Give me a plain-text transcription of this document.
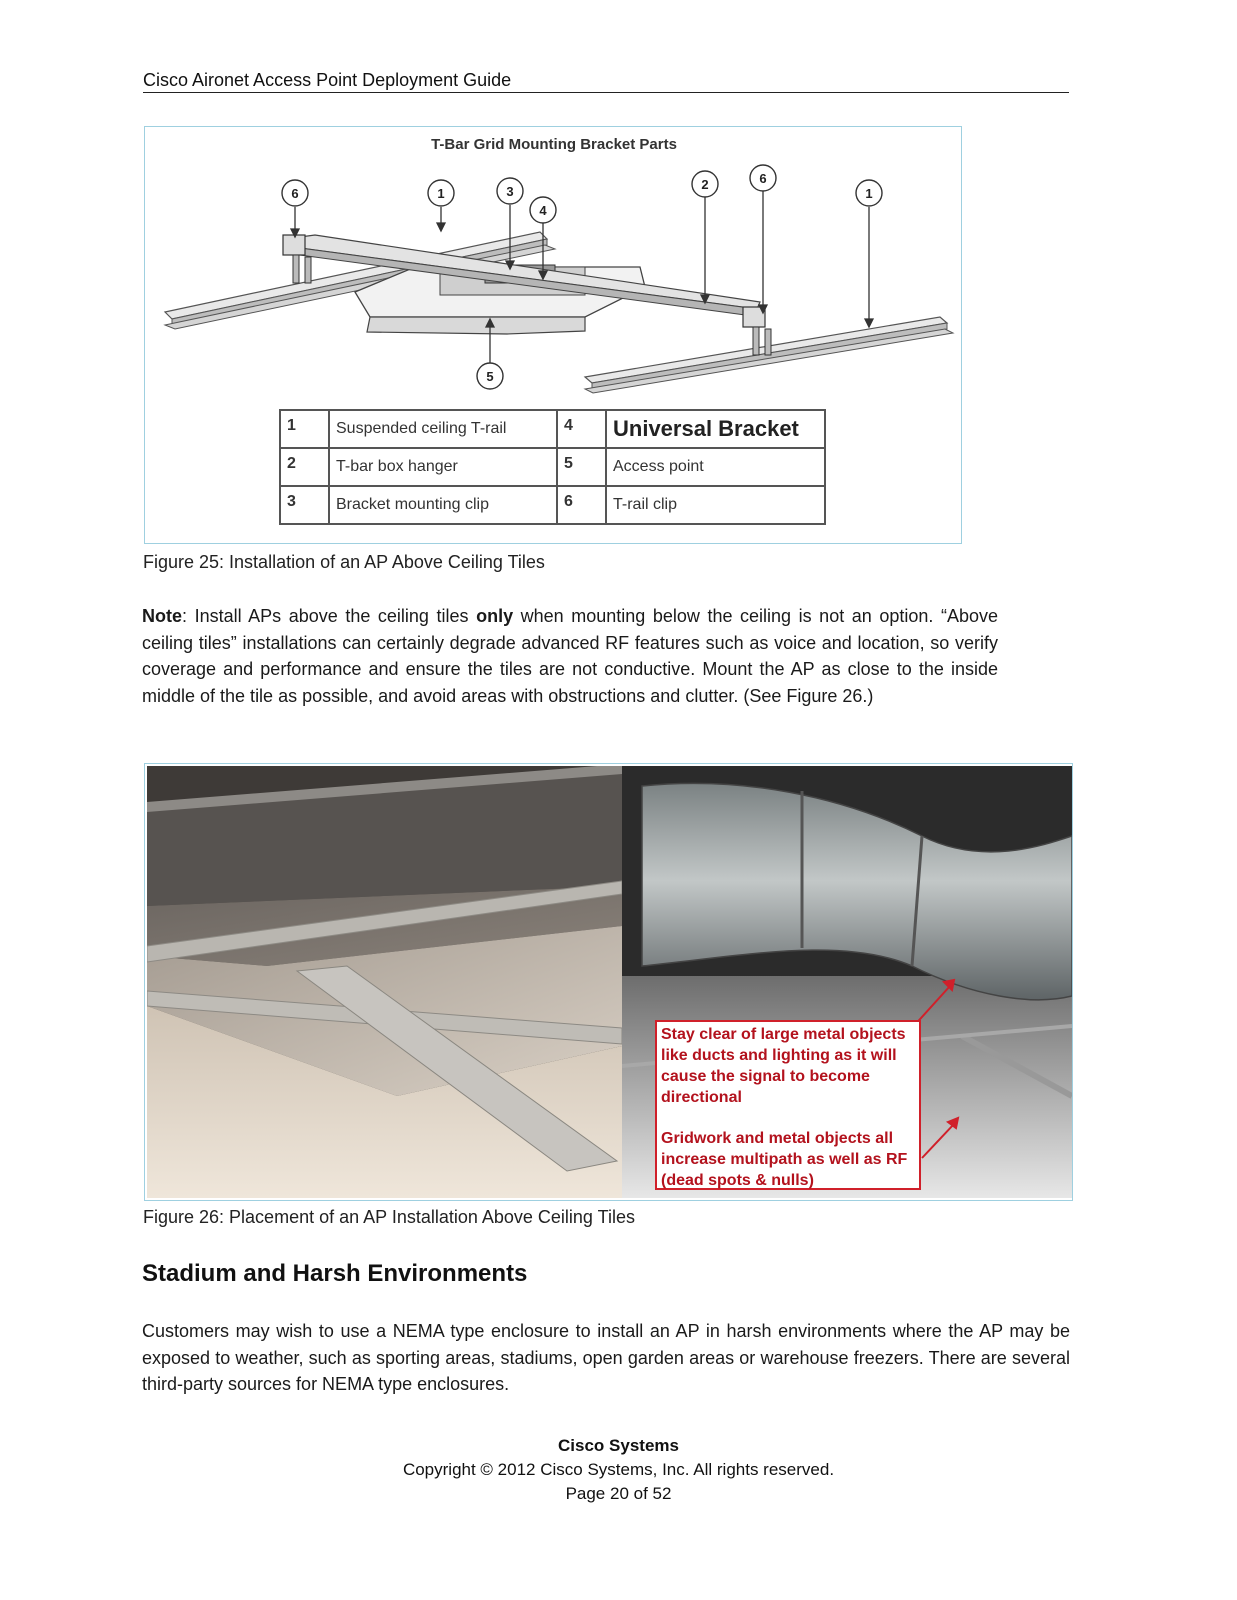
Cisco Aironet Access Point Deployment Guide
T-Bar Grid Mounting Bracket Parts
6	1	3
4
2	6
1
5
1	Suspended ceiling T-rail	4	Universal Bracket
2	T-bar box hanger	5	Access point
3	Bracket mounting clip	6	T-rail clip
Figure 25: Installation of an AP Above Ceiling Tiles
Note: Install APs above the ceiling tiles only when mounting below the ceiling is not an option. “Above ceiling tiles” installations can certainly degrade advanced RF features such as voice and location, so verify coverage and performance and ensure the tiles are not conductive. Mount the AP as close to the inside middle of the tile as possible, and avoid areas with obstructions and clutter. (See Figure 26.)

Stay clear of large metal objects like ducts and lighting as it will cause the signal to become directional

Gridwork and metal objects all increase multipath as well as RF (dead spots & nulls)

Figure 26: Placement of an AP Installation Above Ceiling Tiles
Stadium and Harsh Environments
Customers may wish to use a NEMA type enclosure to install an AP in harsh environments where the AP may be exposed to weather, such as sporting areas, stadiums, open garden areas or warehouse freezers. There are several third-party sources for NEMA type enclosures.
Cisco Systems
Copyright © 2012 Cisco Systems, Inc. All rights reserved.
Page 20 of 52
